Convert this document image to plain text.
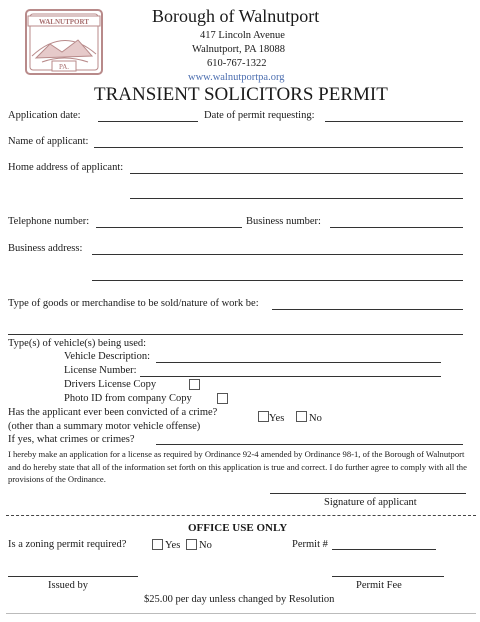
WALNUTPORT
PA.
Borough of Walnutport
417 Lincoln Avenue
Walnutport, PA 18088
610-767-1322
www.walnutportpa.org
TRANSIENT SOLICITORS PERMIT
Application date:	Date of permit requesting:
Name of applicant:
Home address of applicant:
Telephone number:	Business number:
Business address:
Type of goods or merchandise to be sold/nature of work be:
Type(s) of vehicle(s) being used:
Vehicle Description:
License Number:
Drivers License Copy
Photo ID from company Copy
Has the applicant ever been convicted of a crime?
(other than a summary motor vehicle offense)
Yes No
If yes, what crimes or crimes?
I hereby make an application for a license as required by Ordinance 92-4 amended by Ordinance 98-1, of the Borough of Walnutport and do hereby state that all of the information set forth on this application is true and correct. I do further agree to comply with all the provisions of the Ordinance.
Signature of applicant
OFFICE USE ONLY
Is a zoning permit required?	Yes No	Permit #
Issued by	Permit Fee
$25.00 per day unless changed by Resolution
